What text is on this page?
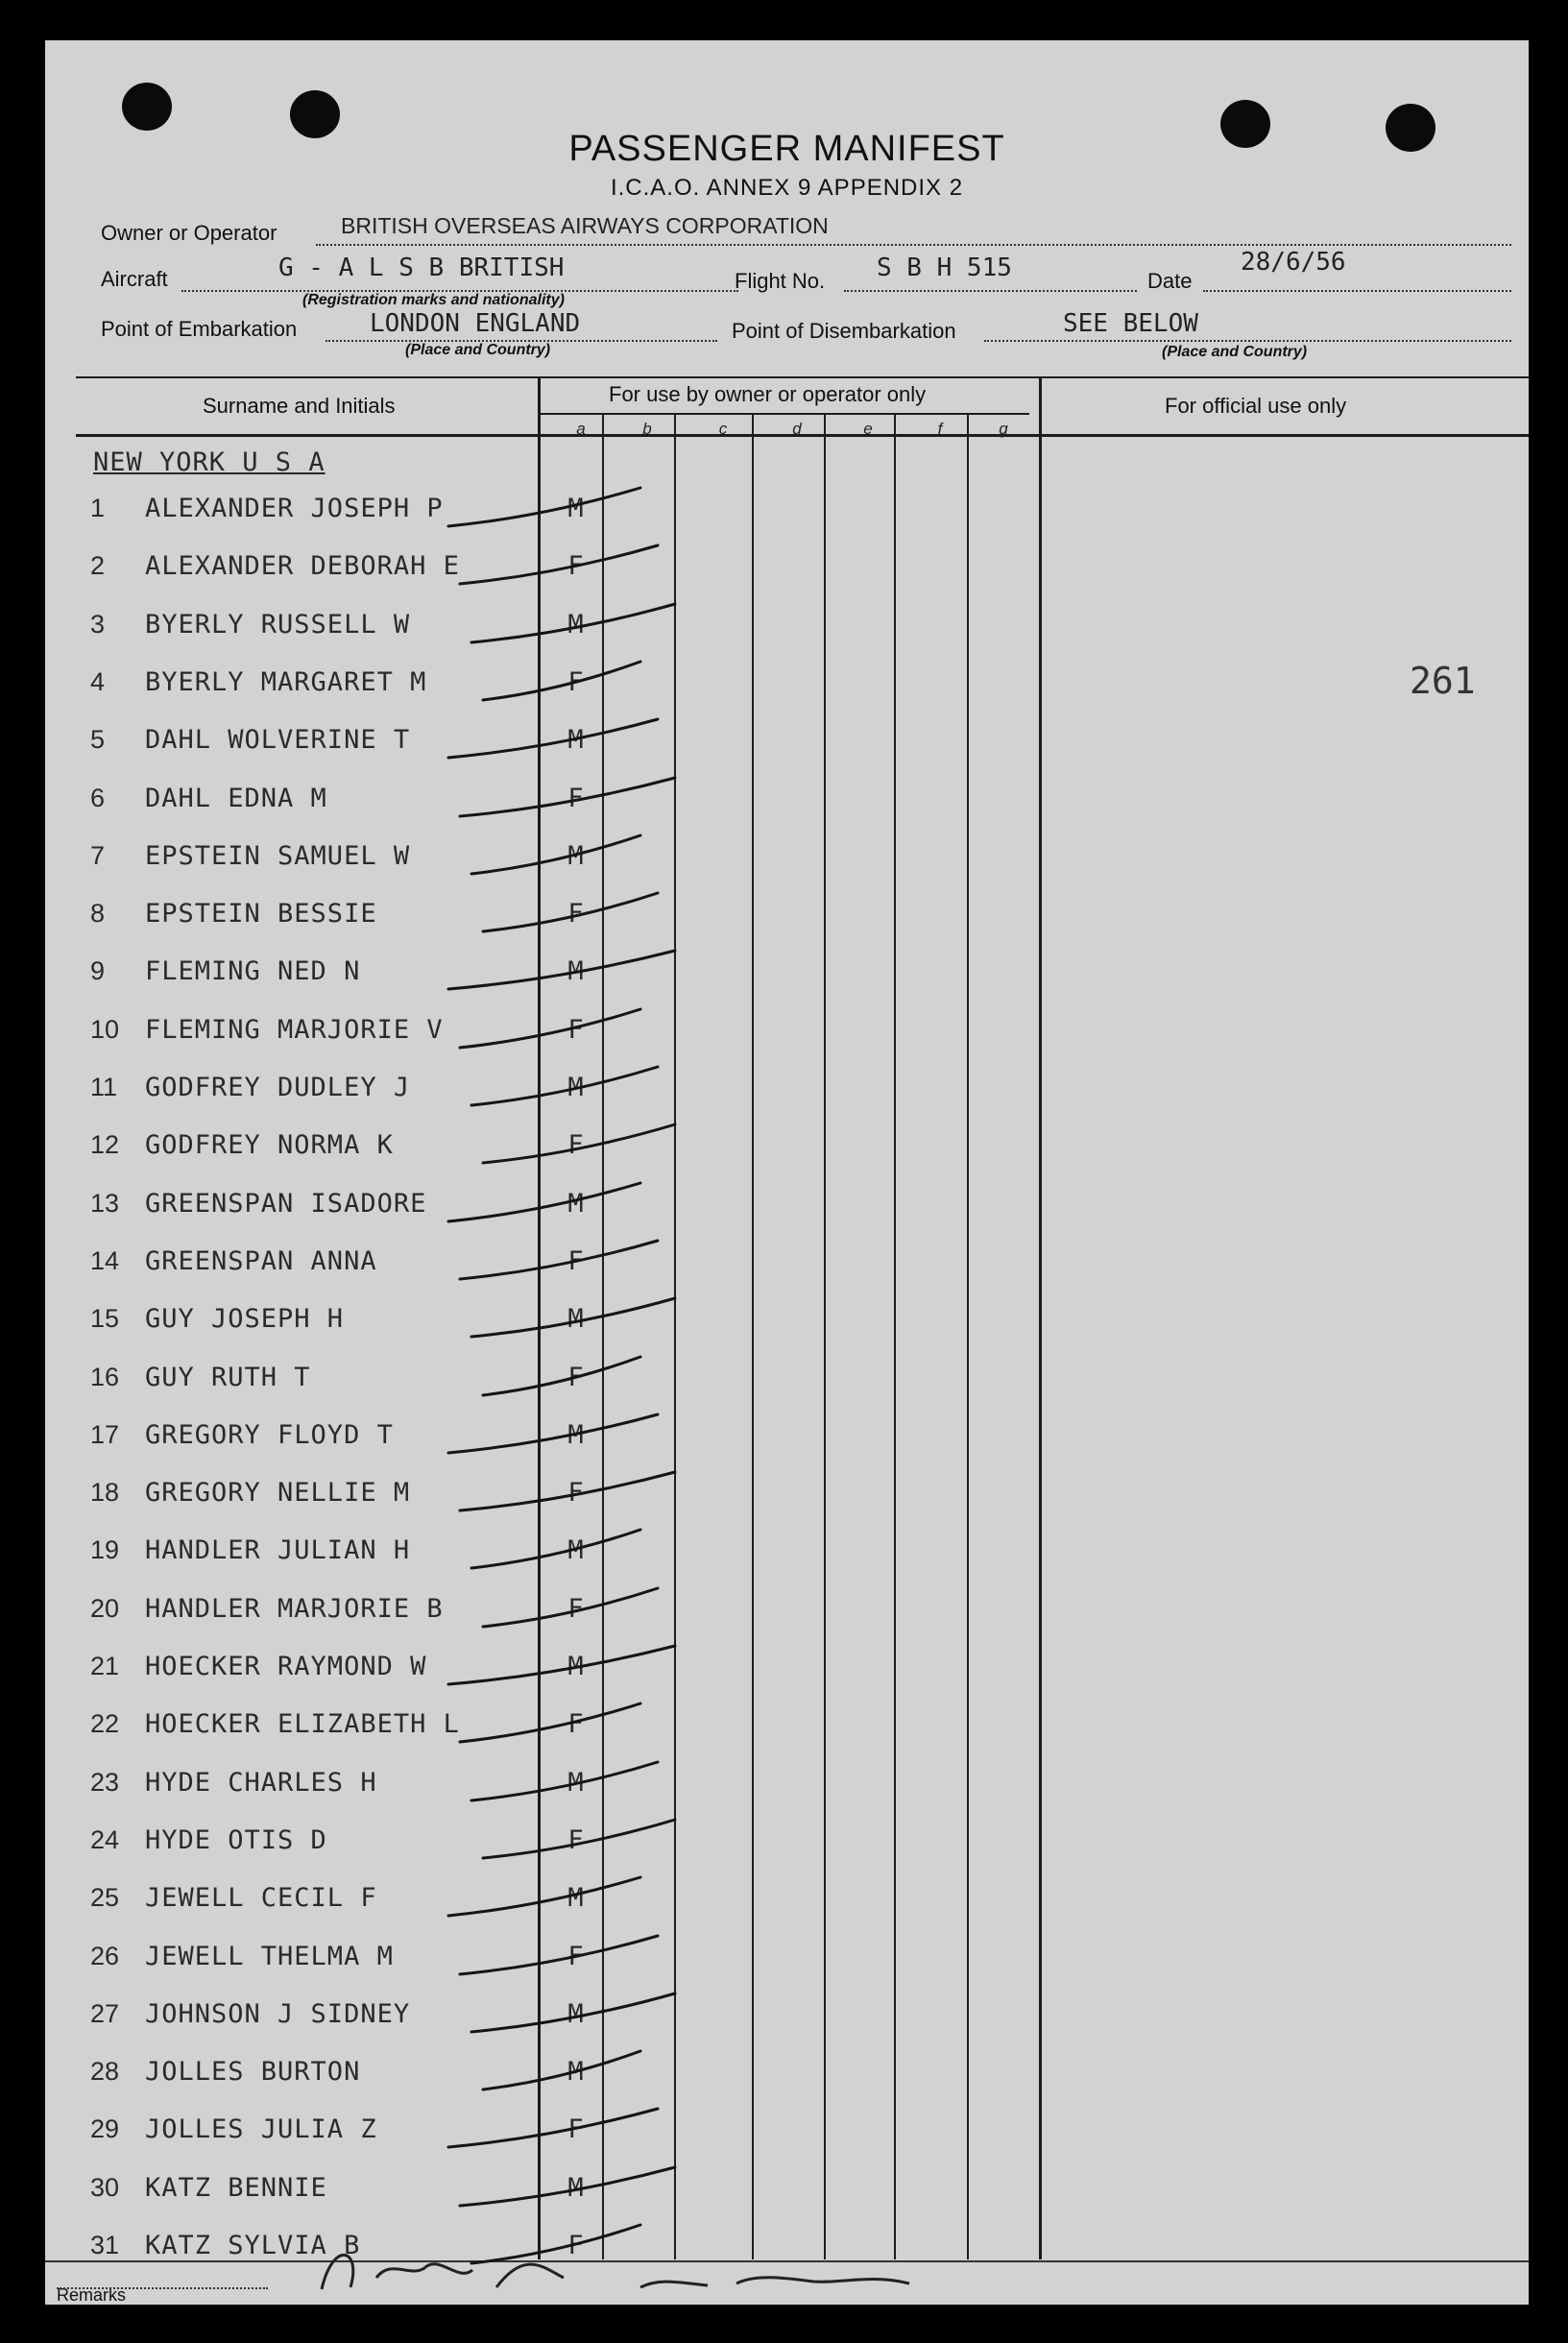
PASSENGER MANIFEST
I.C.A.O. ANNEX 9 APPENDIX 2
Owner or Operator	BRITISH OVERSEAS AIRWAYS CORPORATION
Aircraft	G - A L S B BRITISH
(Registration marks and nationality)
Flight No. S B H 515	Date
28/6/56
Point of Embarkation	LONDON ENGLAND
(Place and Country)
Point of Disembarkation	SEE BELOW
(Place and Country)
Surname and Initials	For use by owner or operator only	For official use only
a	b	c	d	e	f	g
NEW YORK U S A
1	ALEXANDER JOSEPH P	M
2	ALEXANDER DEBORAH E	F
3	BYERLY RUSSELL W	M
4	BYERLY MARGARET M	F
5	DAHL WOLVERINE T	M
6	DAHL EDNA M	F
7	EPSTEIN SAMUEL W	M
8	EPSTEIN BESSIE	F
9	FLEMING NED N	M
10 FLEMING MARJORIE V	F
11	GODFREY DUDLEY J	M
12 GODFREY NORMA K	F
13 GREENSPAN ISADORE	M
14 GREENSPAN ANNA	F
15 GUY JOSEPH H	M
16 GUY RUTH T	F
17 GREGORY FLOYD T	M
18 GREGORY NELLIE M	F
19 HANDLER JULIAN H	M
20 HANDLER MARJORIE B	F
21 HOECKER RAYMOND W	M
22 HOECKER ELIZABETH L	F
23 HYDE CHARLES H	M
24 HYDE OTIS D	F
25 JEWELL CECIL F	M
26 JEWELL THELMA M	F
27 JOHNSON J SIDNEY	M
28 JOLLES BURTON	M
29 JOLLES JULIA Z	F
30 KATZ BENNIE	M
31 KATZ SYLVIA B	F
261
Remarks
